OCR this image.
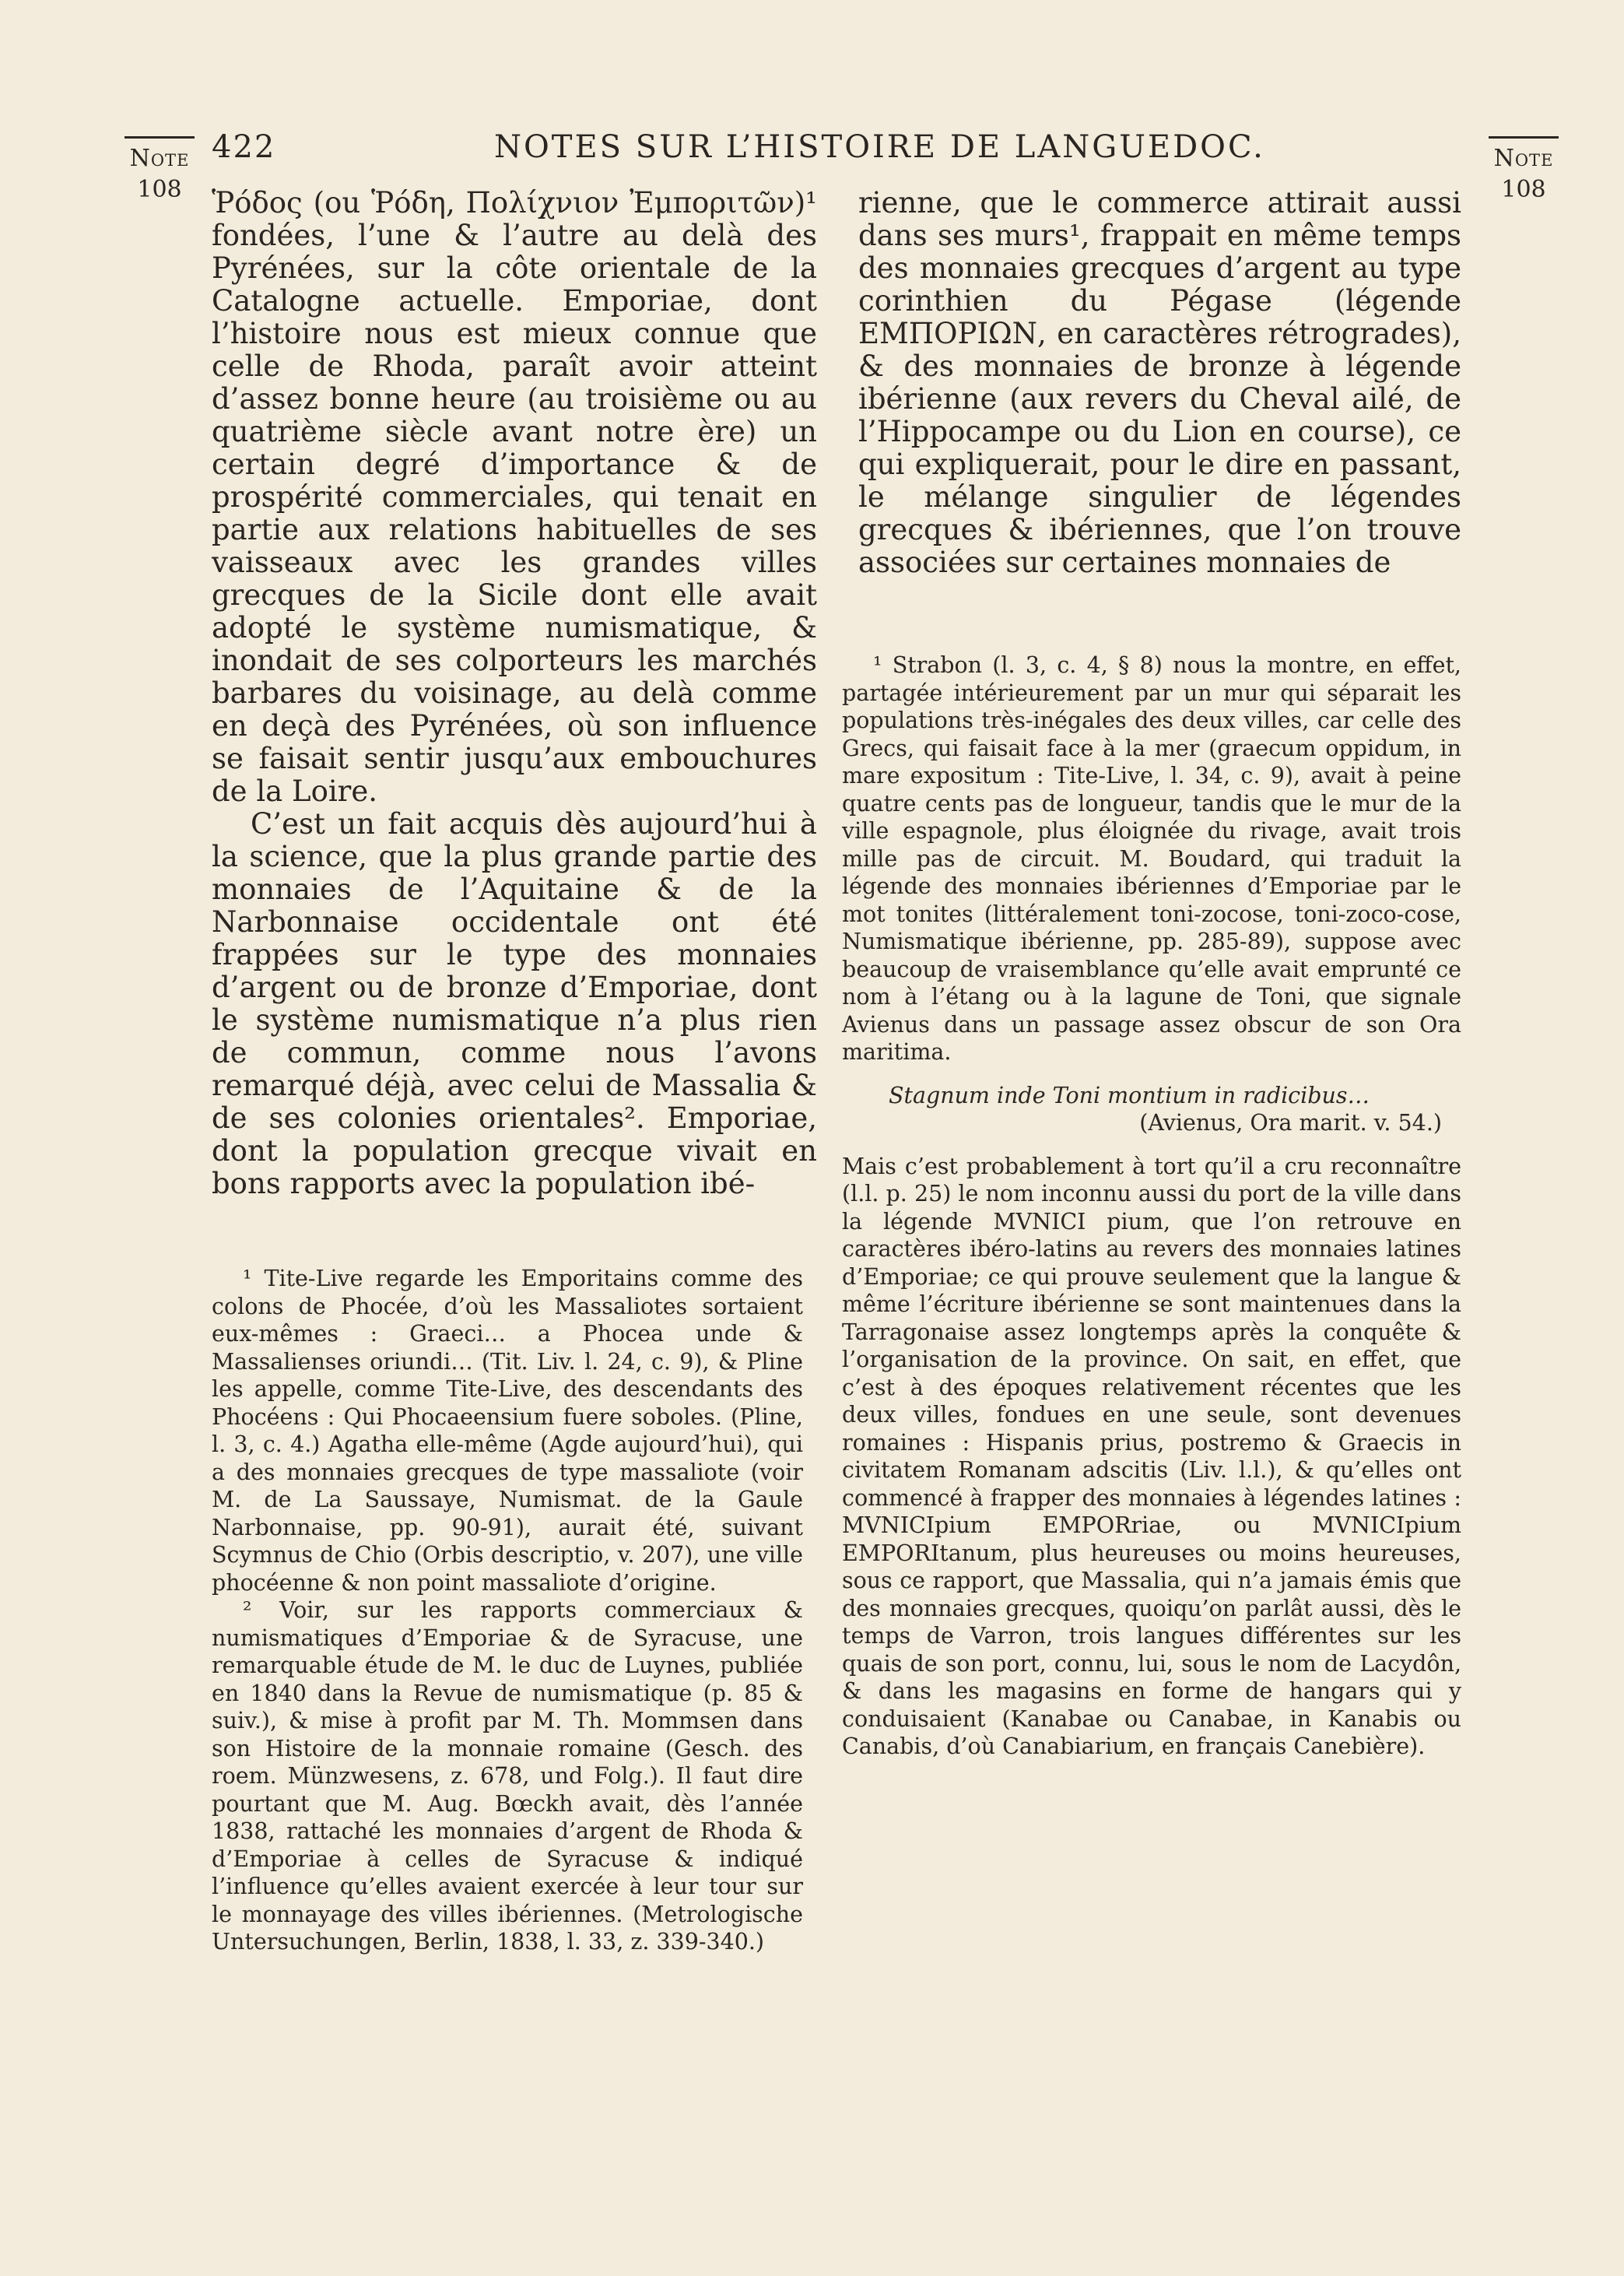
Note
108
Note
108
422	NOTES SUR L’HISTOIRE DE LANGUEDOC.

Ῥόδος (ou Ῥόδη, Πολίχνιον Ἐμποριτῶν)¹ fondées, l’une & l’autre au delà des Pyrénées, sur la côte orientale de la Catalogne actuelle. Emporiae, dont l’histoire nous est mieux connue que celle de Rhoda, paraît avoir atteint d’assez bonne heure (au troisième ou au quatrième siècle avant notre ère) un certain degré d’importance & de prospérité commerciales, qui tenait en partie aux relations habituelles de ses vaisseaux avec les grandes villes grecques de la Sicile dont elle avait adopté le système numismatique, & inondait de ses colporteurs les marchés barbares du voisinage, au delà comme en deçà des Pyrénées, où son influence se faisait sentir jusqu’aux embouchures de la Loire.

C’est un fait acquis dès aujourd’hui à la science, que la plus grande partie des monnaies de l’Aquitaine & de la Narbonnaise occidentale ont été frappées sur le type des monnaies d’argent ou de bronze d’Emporiae, dont le système numismatique n’a plus rien de commun, comme nous l’avons remarqué déjà, avec celui de Massalia & de ses colonies orientales². Emporiae, dont la population grecque vivait en bons rapports avec la population ibé-

¹ Tite-Live regarde les Emporitains comme des colons de Phocée, d’où les Massaliotes sortaient eux-mêmes : Graeci… a Phocea unde & Massalienses oriundi… (Tit. Liv. l. 24, c. 9), & Pline les appelle, comme Tite-Live, des descendants des Phocéens : Qui Phocaeensium fuere soboles. (Pline, l. 3, c. 4.) Agatha elle-même (Agde aujourd’hui), qui a des monnaies grecques de type massaliote (voir M. de La Saussaye, Numismat. de la Gaule Narbonnaise, pp. 90-91), aurait été, suivant Scymnus de Chio (Orbis descriptio, v. 207), une ville phocéenne & non point massaliote d’origine.

² Voir, sur les rapports commerciaux & numismatiques d’Emporiae & de Syracuse, une remarquable étude de M. le duc de Luynes, publiée en 1840 dans la Revue de numismatique (p. 85 & suiv.), & mise à profit par M. Th. Mommsen dans son Histoire de la monnaie romaine (Gesch. des roem. Münzwesens, z. 678, und Folg.). Il faut dire pourtant que M. Aug. Bœckh avait, dès l’année 1838, rattaché les monnaies d’argent de Rhoda & d’Emporiae à celles de Syracuse & indiqué l’influence qu’elles avaient exercée à leur tour sur le monnayage des villes ibériennes. (Metrologische Untersuchungen, Berlin, 1838, l. 33, z. 339-340.)

rienne, que le commerce attirait aussi dans ses murs¹, frappait en même temps des monnaies grecques d’argent au type corinthien du Pégase (légende ΕΜΠΟΡΙΩΝ, en caractères rétrogrades), & des monnaies de bronze à légende ibérienne (aux revers du Cheval ailé, de l’Hippocampe ou du Lion en course), ce qui expliquerait, pour le dire en passant, le mélange singulier de légendes grecques & ibériennes, que l’on trouve associées sur certaines monnaies de

¹ Strabon (l. 3, c. 4, § 8) nous la montre, en effet, partagée intérieurement par un mur qui séparait les populations très-inégales des deux villes, car celle des Grecs, qui faisait face à la mer (graecum oppidum, in mare expositum : Tite-Live, l. 34, c. 9), avait à peine quatre cents pas de longueur, tandis que le mur de la ville espagnole, plus éloignée du rivage, avait trois mille pas de circuit. M. Boudard, qui traduit la légende des monnaies ibériennes d’Emporiae par le mot tonites (littéralement toni-zocose, toni-zoco-cose, Numismatique ibérienne, pp. 285-89), suppose avec beaucoup de vraisemblance qu’elle avait emprunté ce nom à l’étang ou à la lagune de Toni, que signale Avienus dans un passage assez obscur de son Ora maritima.

Stagnum inde Toni montium in radicibus…

(Avienus, Ora marit. v. 54.)

Mais c’est probablement à tort qu’il a cru reconnaître (l.l. p. 25) le nom inconnu aussi du port de la ville dans la légende MVNICI pium, que l’on retrouve en caractères ibéro-latins au revers des monnaies latines d’Emporiae; ce qui prouve seulement que la langue & même l’écriture ibérienne se sont maintenues dans la Tarragonaise assez longtemps après la conquête & l’organisation de la province. On sait, en effet, que c’est à des époques relativement récentes que les deux villes, fondues en une seule, sont devenues romaines : Hispanis prius, postremo & Graecis in civitatem Romanam adscitis (Liv. l.l.), & qu’elles ont commencé à frapper des monnaies à légendes latines : MVNICIpium EMPORriae, ou MVNICIpium EMPORItanum, plus heureuses ou moins heureuses, sous ce rapport, que Massalia, qui n’a jamais émis que des monnaies grecques, quoiqu’on parlât aussi, dès le temps de Varron, trois langues différentes sur les quais de son port, connu, lui, sous le nom de Lacydôn, & dans les magasins en forme de hangars qui y conduisaient (Kanabae ou Canabae, in Kanabis ou Canabis, d’où Canabiarium, en français Canebière).
